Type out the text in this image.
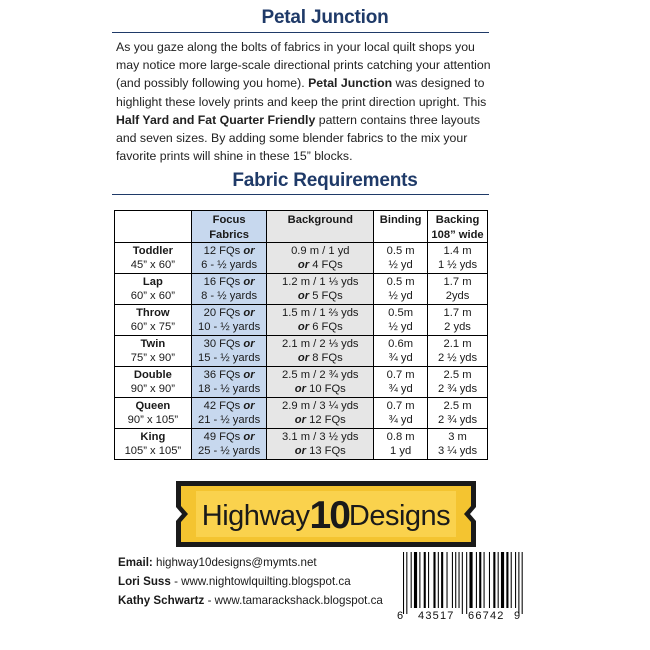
Petal Junction
As you gaze along the bolts of fabrics in your local quilt shops you may notice more large-scale directional prints catching your attention (and possibly following you home). Petal Junction was designed to highlight these lovely prints and keep the print direction upright. This Half Yard and Fat Quarter Friendly pattern contains three layouts and seven sizes. By adding some blender fabrics to the mix your favorite prints will shine in these 15” blocks.
Fabric Requirements
	Focus
Fabrics	Background	Binding	Backing
108” wide
Toddler
45” x 60”	12 FQs or
6 - ½ yards	0.9 m / 1 yd
or 4 FQs	0.5 m
½ yd	1.4 m
1 ½ yds
Lap
60” x 60”	16 FQs or
8 - ½ yards	1.2 m / 1 ⅓ yds
or 5 FQs	0.5 m
½ yd	1.7 m
2yds
Throw
60” x 75”	20 FQs or
10 - ½ yards	1.5 m / 1 ⅔ yds
or 6 FQs	0.5m
½ yd	1.7 m
2 yds
Twin
75” x 90”	30 FQs or
15 - ½ yards	2.1 m / 2 ⅓ yds
or 8 FQs	0.6m
¾ yd	2.1 m
2 ½ yds
Double
90” x 90”	36 FQs or
18 - ½ yards	2.5 m / 2 ¾ yds
or 10 FQs	0.7 m
¾ yd	2.5 m
2 ¾ yds
Queen
90” x 105”	42 FQs or
21 - ½ yards	2.9 m / 3 ¼ yds
or 12 FQs	0.7 m
¾ yd	2.5 m
2 ¾ yds
King
105” x 105”	49 FQs or
25 - ½ yards	3.1 m / 3 ½ yds
or 13 FQs	0.8 m
1 yd	3 m
3 ¼ yds
Highway10Designs
Email: highway10designs@mymts.net
Lori Suss - www.nightowlquilting.blogspot.ca
Kathy Schwartz - www.tamarackshack.blogspot.ca
6 43517 66742 9
